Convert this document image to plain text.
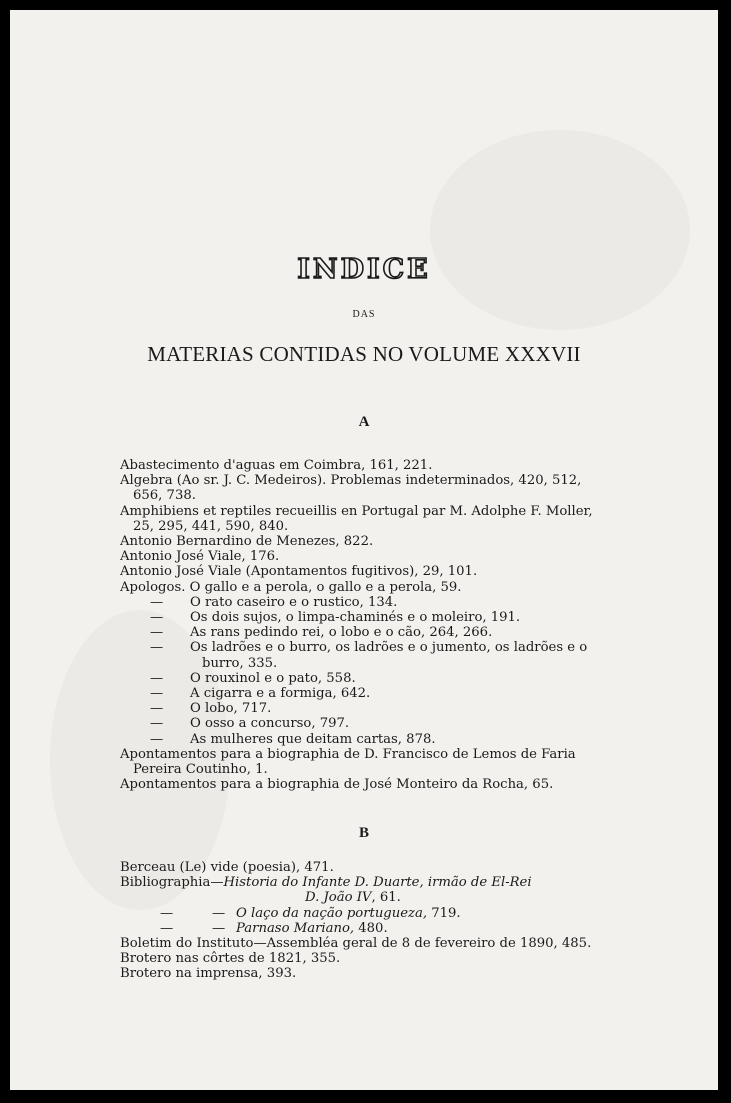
INDICE
DAS
MATERIAS CONTIDAS NO VOLUME XXXVII
A
Abastecimento d'aguas em Coimbra, 161, 221.
Algebra (Ao sr. J. C. Medeiros). Problemas indeterminados, 420, 512, 656, 738.
Amphibiens et reptiles recueillis en Portugal par M. Adolphe F. Moller, 25, 295, 441, 590, 840.
Antonio Bernardino de Menezes, 822.
Antonio José Viale, 176.
Antonio José Viale (Apontamentos fugitivos), 29, 101.
Apologos. O gallo e a perola, o gallo e a perola, 59.
—	O rato caseiro e o rustico, 134.
—	Os dois sujos, o limpa-chaminés e o moleiro, 191.
—	As rans pedindo rei, o lobo e o cão, 264, 266.
—	Os ladrões e o burro, os ladrões e o jumento, os ladrões e o burro, 335.
—	O rouxinol e o pato, 558.
—	A cigarra e a formiga, 642.
—	O lobo, 717.
—	O osso a concurso, 797.
—	As mulheres que deitam cartas, 878.
Apontamentos para a biographia de D. Francisco de Lemos de Faria Pereira Coutinho, 1.
Apontamentos para a biographia de José Monteiro da Rocha, 65.
B
Berceau (Le) vide (poesia), 471.
Bibliographia—Historia do Infante D. Duarte, irmão de El-Rei
D. João IV, 61.
—	— O laço da nação portugueza, 719.
—	— Parnaso Mariano, 480.
Boletim do Instituto—Assembléa geral de 8 de fevereiro de 1890, 485.
Brotero nas côrtes de 1821, 355.
Brotero na imprensa, 393.
